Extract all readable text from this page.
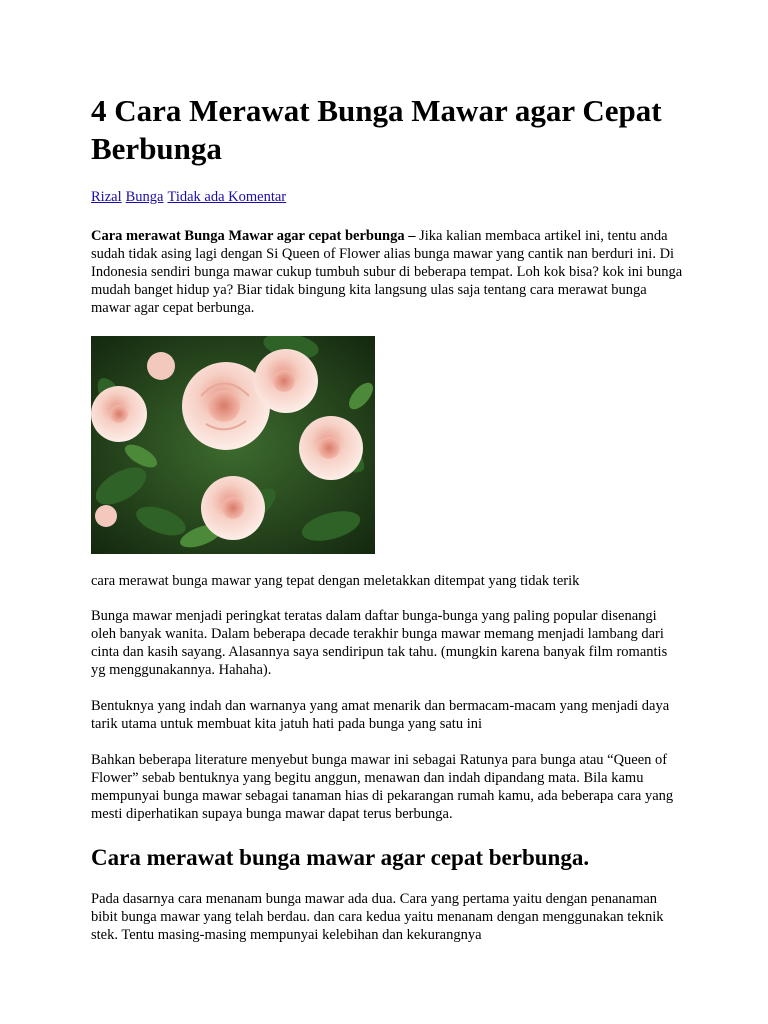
4 Cara Merawat Bunga Mawar agar Cepat Berbunga
Rizal Bunga Tidak ada Komentar

Cara merawat Bunga Mawar agar cepat berbunga – Jika kalian membaca artikel ini, tentu anda sudah tidak asing lagi dengan Si Queen of Flower alias bunga mawar yang cantik nan berduri ini. Di Indonesia sendiri bunga mawar cukup tumbuh subur di beberapa tempat. Loh kok bisa? kok ini bunga mudah banget hidup ya? Biar tidak bingung kita langsung ulas saja tentang cara merawat bunga mawar agar cepat berbunga.

cara merawat bunga mawar yang tepat dengan meletakkan ditempat yang tidak terik

Bunga mawar menjadi peringkat teratas dalam daftar bunga-bunga yang paling popular disenangi oleh banyak wanita. Dalam beberapa decade terakhir bunga mawar memang menjadi lambang dari cinta dan kasih sayang. Alasannya saya sendiripun tak tahu. (mungkin karena banyak film romantis yg menggunakannya. Hahaha).

Bentuknya yang indah dan warnanya yang amat menarik dan bermacam-macam yang menjadi daya tarik utama untuk membuat kita jatuh hati pada bunga yang satu ini

Bahkan beberapa literature menyebut bunga mawar ini sebagai Ratunya para bunga atau “Queen of Flower” sebab bentuknya yang begitu anggun, menawan dan indah dipandang mata. Bila kamu mempunyai bunga mawar sebagai tanaman hias di pekarangan rumah kamu, ada beberapa cara yang mesti diperhatikan supaya bunga mawar dapat terus berbunga.

Cara merawat bunga mawar agar cepat berbunga.

Pada dasarnya cara menanam bunga mawar ada dua. Cara yang pertama yaitu dengan penanaman bibit bunga mawar yang telah berdau. dan cara kedua yaitu menanam dengan menggunakan teknik stek. Tentu masing-masing mempunyai kelebihan dan kekurangnya
